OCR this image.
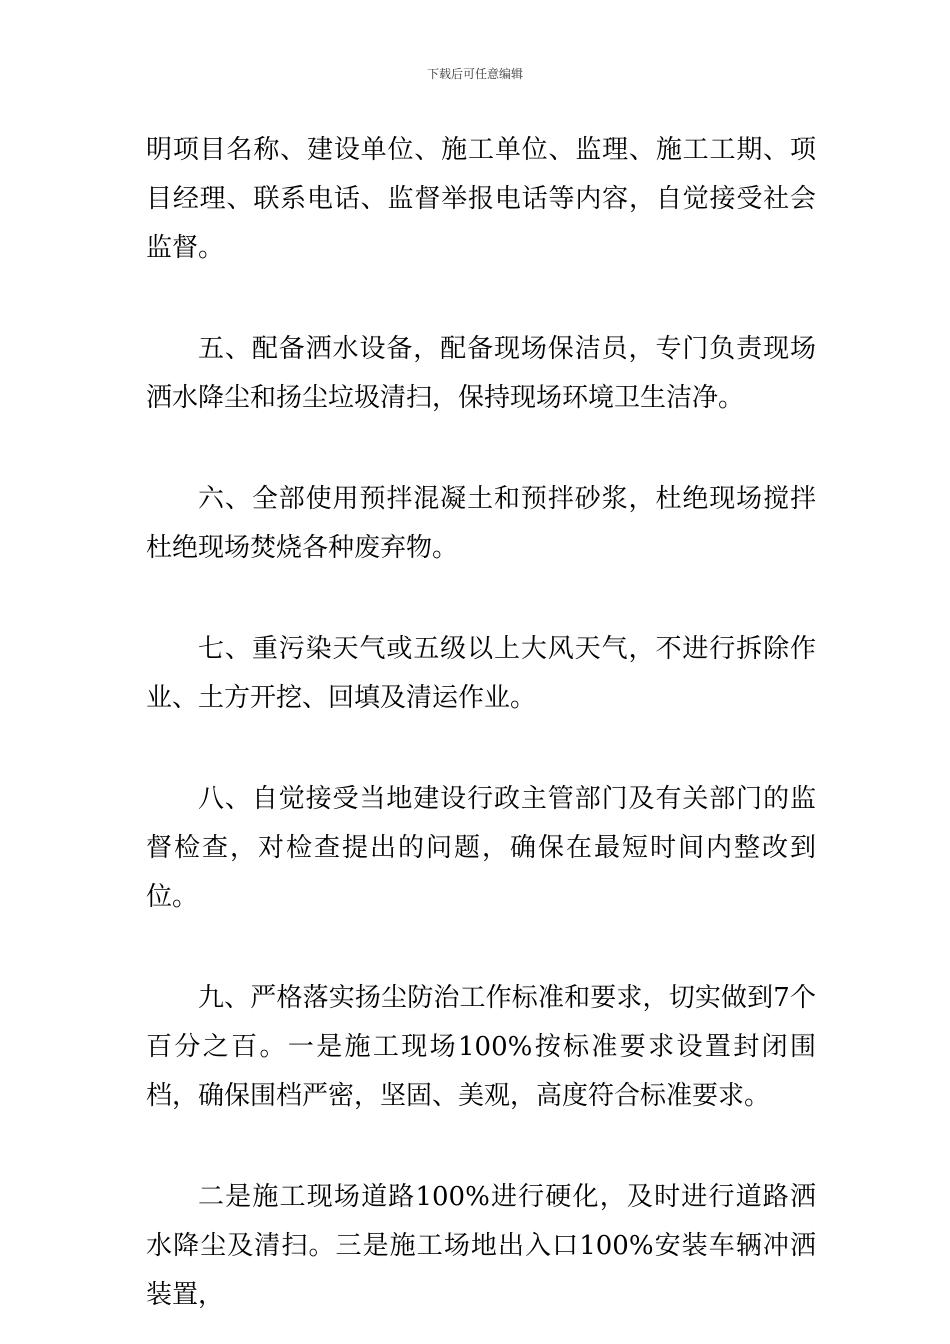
下载后可任意编辑

明项目名称、建设单位、施工单位、监理、施工工期、项目经理、联系电话、监督举报电话等内容，自觉接受社会监督。

五、配备洒水设备，配备现场保洁员，专门负责现场洒水降尘和扬尘垃圾清扫，保持现场环境卫生洁净。

六、全部使用预拌混凝土和预拌砂浆，杜绝现场搅拌杜绝现场焚烧各种废弃物。

七、重污染天气或五级以上大风天气，不进行拆除作业、土方开挖、回填及清运作业。

八、自觉接受当地建设行政主管部门及有关部门的监督检查，对检查提出的问题，确保在最短时间内整改到位。

九、严格落实扬尘防治工作标准和要求，切实做到7个百分之百。一是施工现场100%按标准要求设置封闭围档，确保围档严密，坚固、美观，高度符合标准要求。

二是施工现场道路100%进行硬化，及时进行道路洒水降尘及清扫。三是施工场地出入口100%安装车辆冲洒装置，
